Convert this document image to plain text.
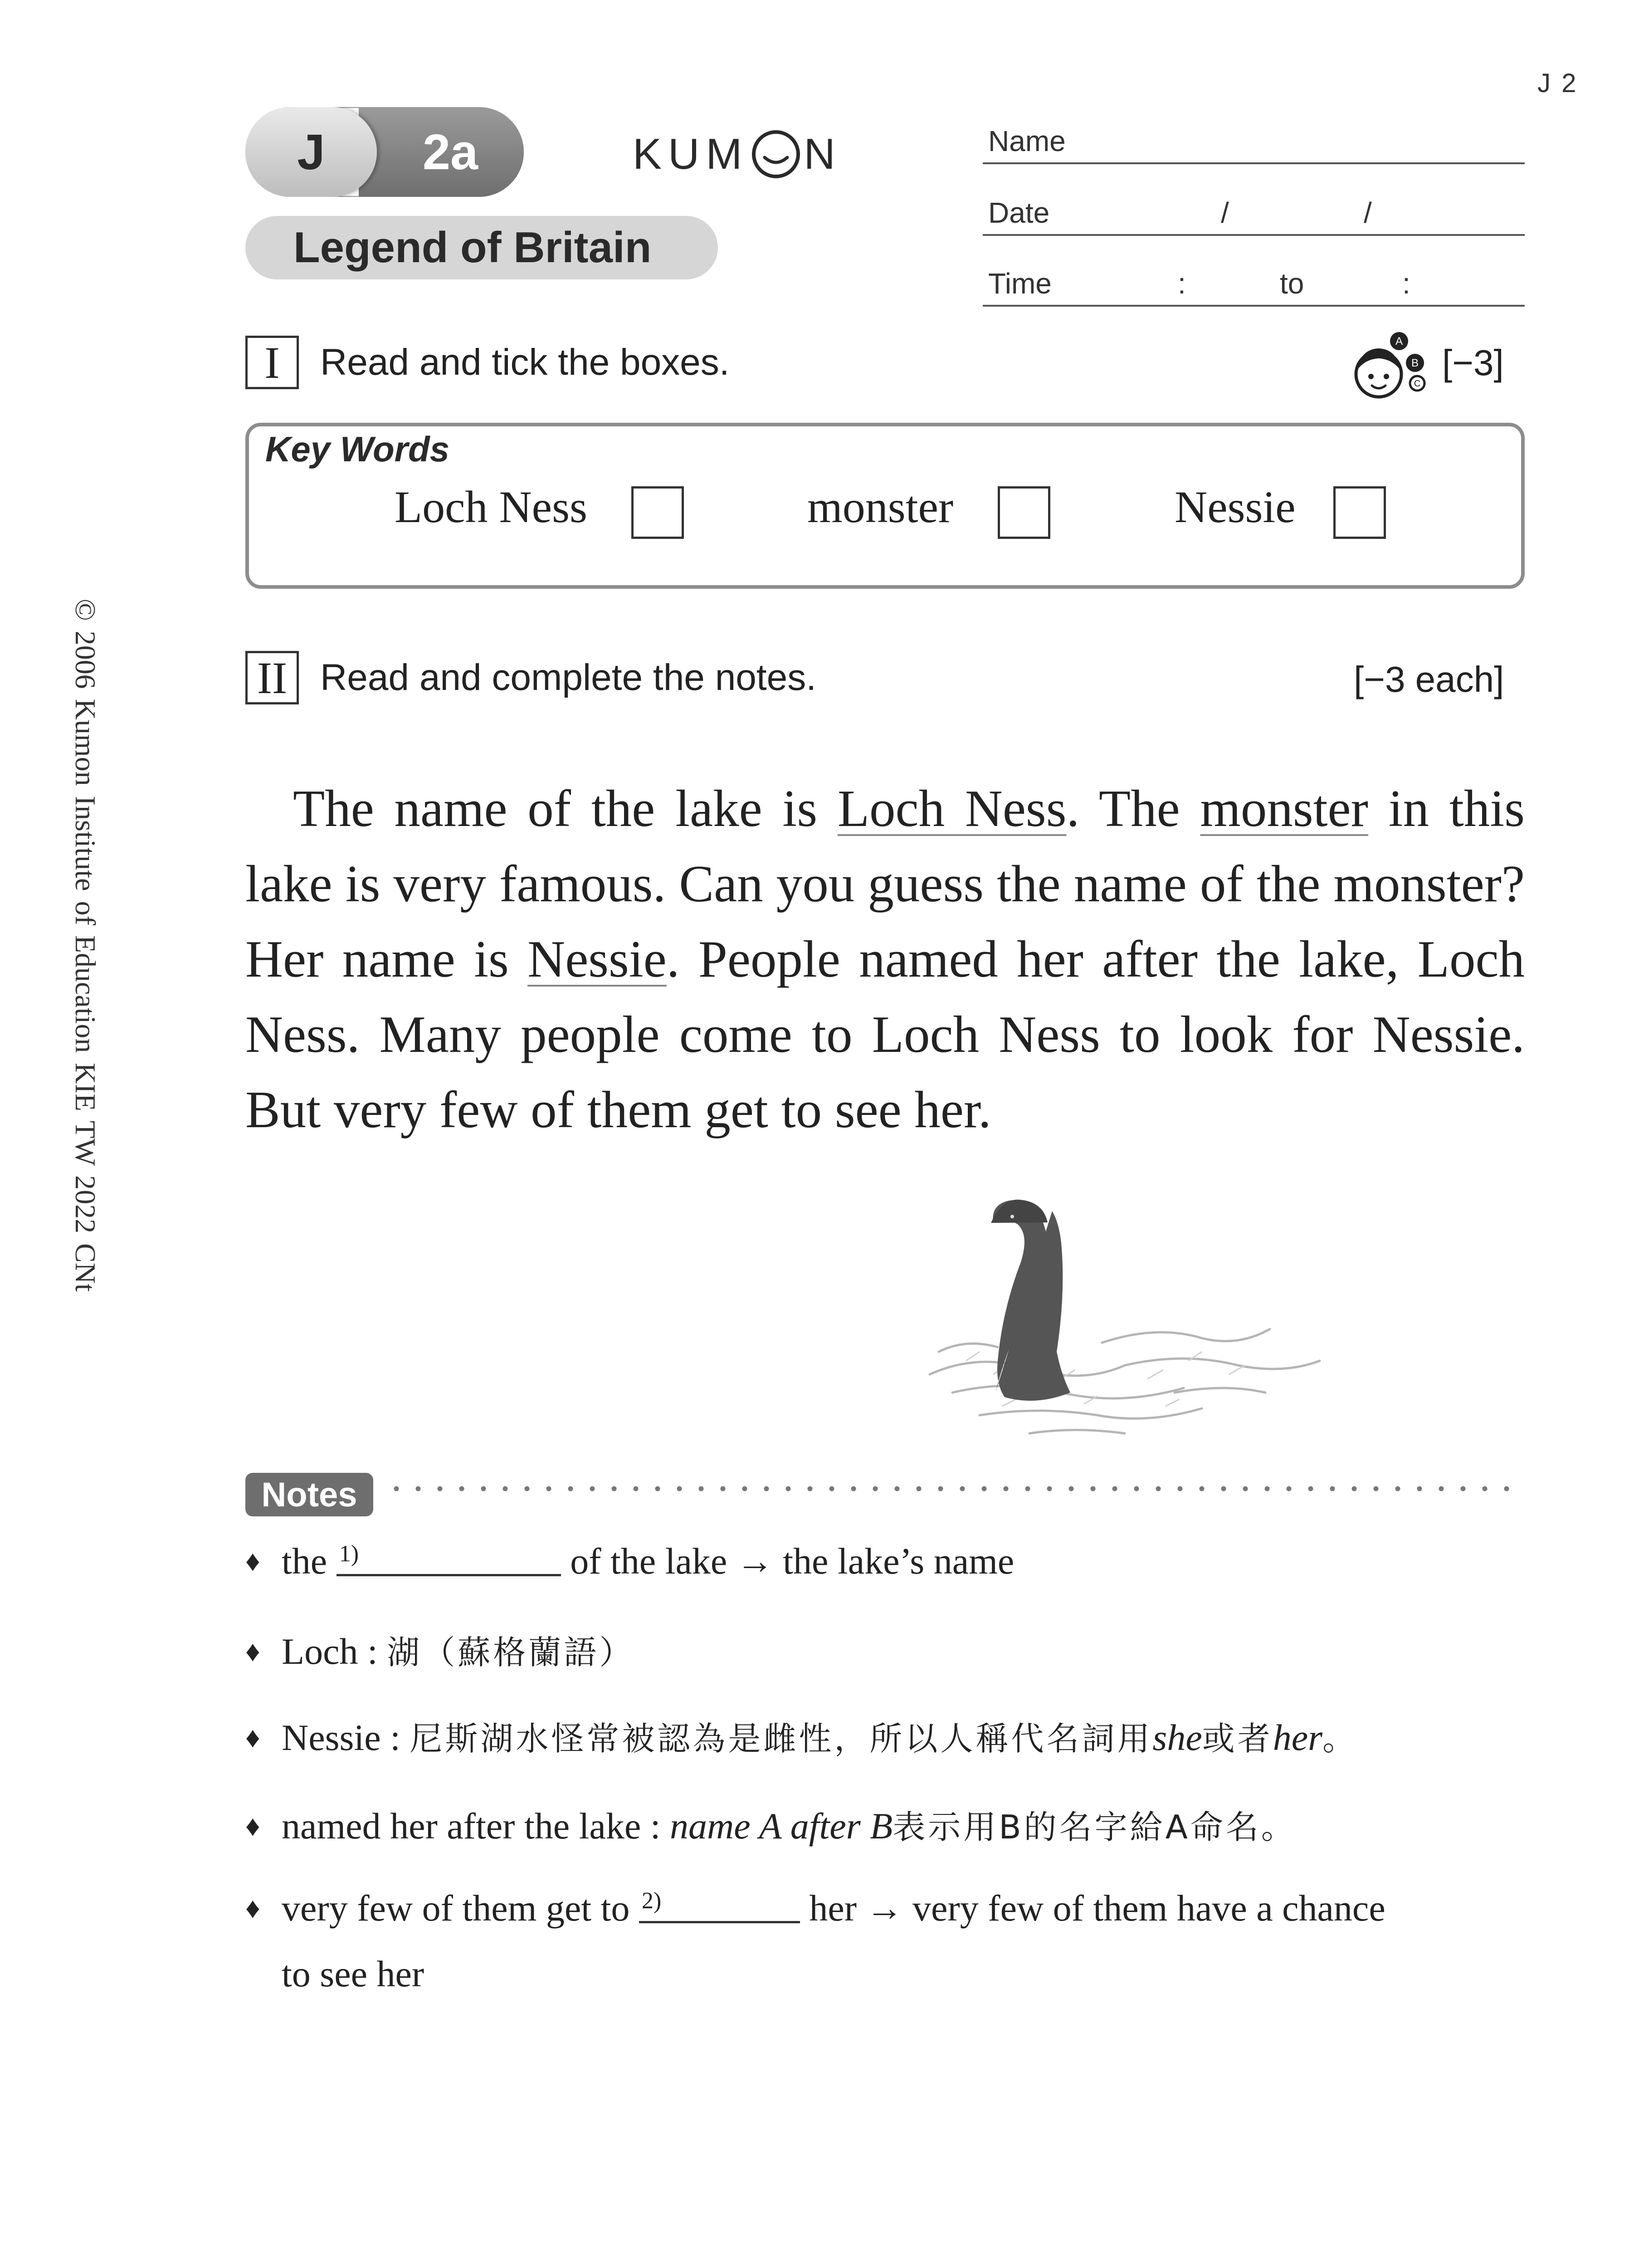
J 2
J	2a	KUM N
Legend of Britain
Name
Date	/	/
Time	:	to	:
I	Read and tick the boxes.
A
B
C
[−3]
Key Words
Loch Ness	monster	Nessie
II Read and complete the notes.	[−3 each]

The name of the lake is Loch Ness. The monster in this lake is very famous. Can you guess the name of the monster? Her name is Nessie. People named her after the lake, Loch Ness. Many people come to Loch Ness to look for Nessie. But very few of them get to see her.

Notes
♦ the 1)	of the lake → the lake’s name
♦ Loch : 湖（蘇格蘭語）
♦ Nessie : 尼斯湖水怪常被認為是雌性，所以人稱代名詞用she或者her。
♦ named her after the lake : name A after B表示用B的名字給A命名。
♦ very few of them get to 2)	her → very few of them have a chance
to see her
© 2006 Kumon Institute of Education KIE TW 2022 CNt
